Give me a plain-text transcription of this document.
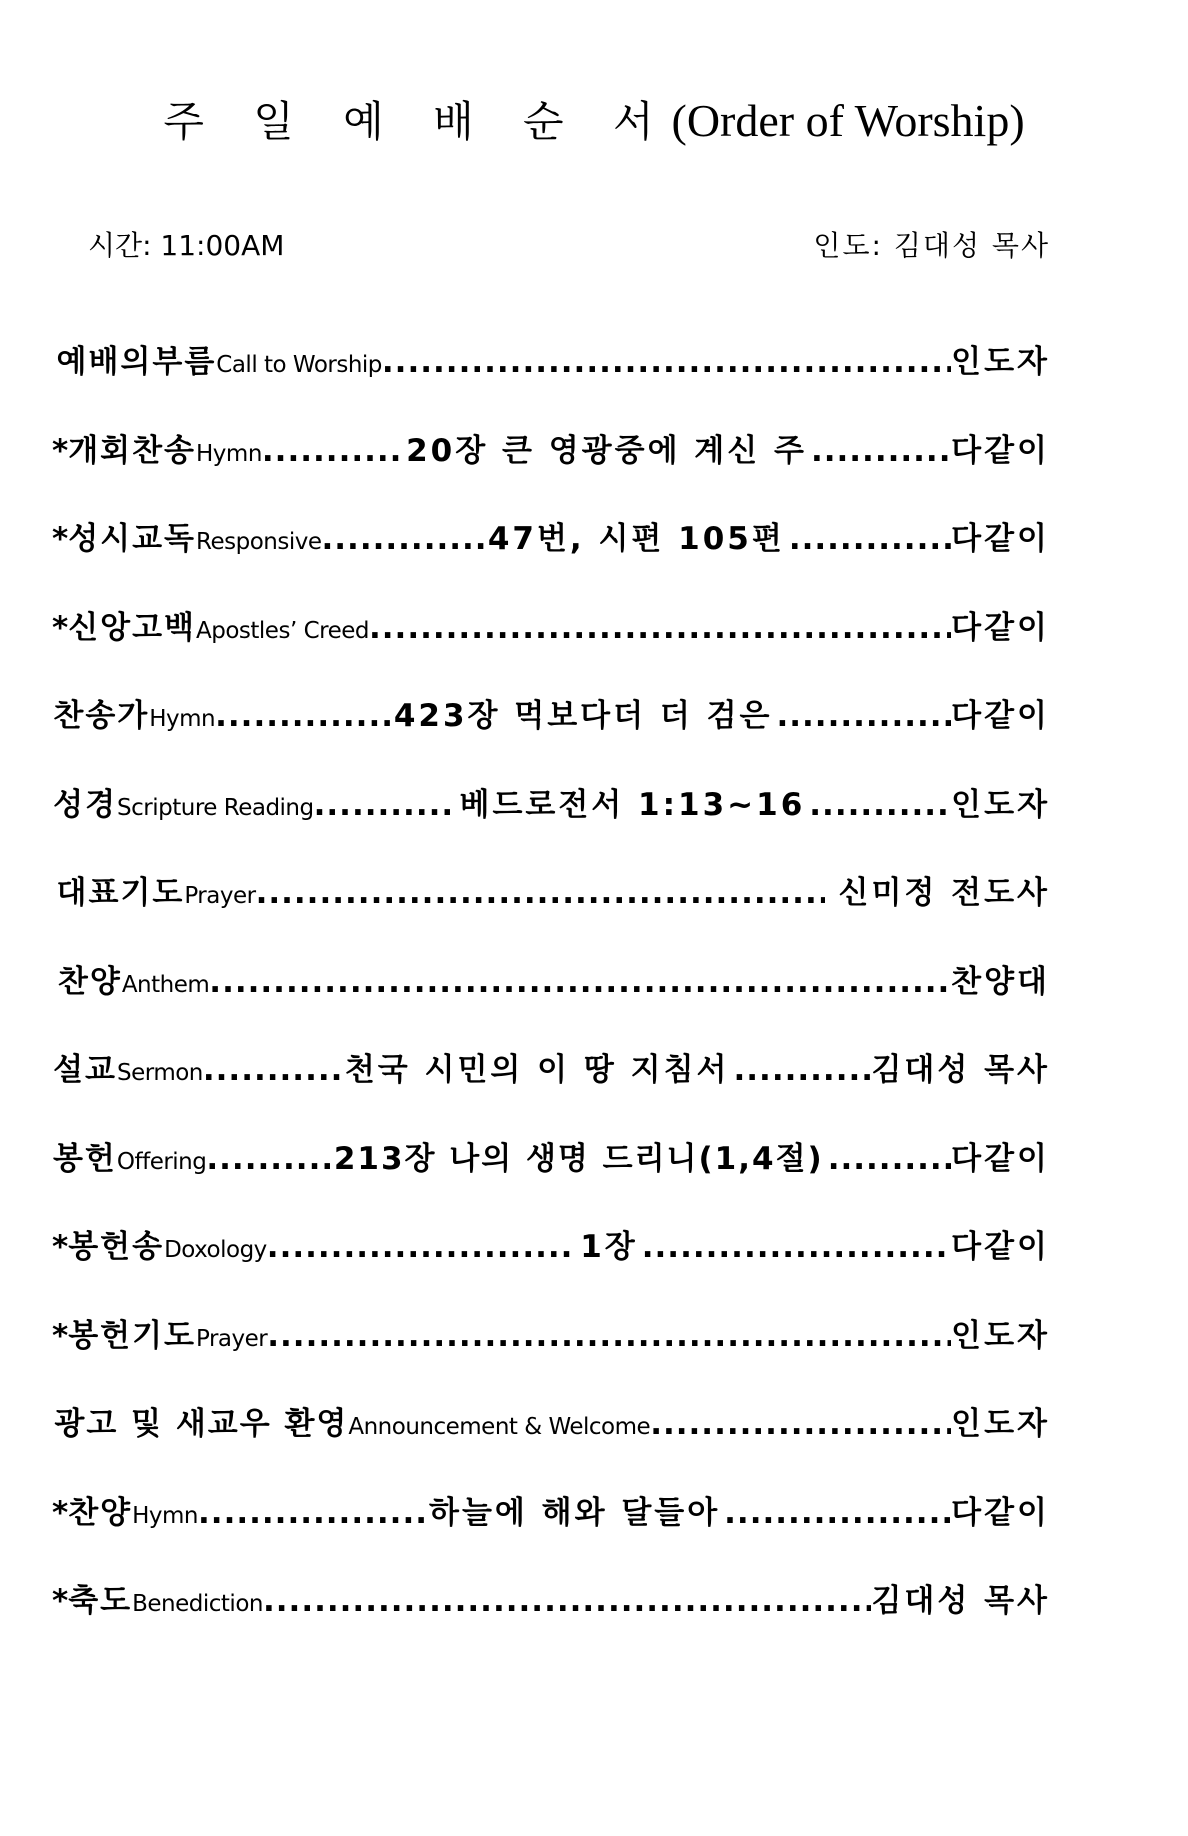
주 일 예 배 순 서(Order of Worship)
시간: 11:00AM	인도: 김대성 목사
예배의부름 Call to Worship .....	인도자
* 개회찬송 Hymn .....	20장 큰 영광중에 계신 주 .....	다같이
* 성시교독 Responsive .....	47번, 시편 105편 .....	다같이
* 신앙고백 Apostles’ Creed .....	다같이
찬송가 Hymn .....	423장 먹보다더 더 검은 .....	다같이
성경 Scripture Reading .....	베드로전서 1:13~16 .....	인도자
대표기도 Prayer .....	신미정 전도사
찬양 Anthem .....	찬양대
설교 Sermon .....	천국 시민의 이 땅 지침서 .....	김대성 목사
봉헌 Offering .....	213장 나의 생명 드리니(1,4절) .....	다같이
* 봉헌송 Doxology .....	1장 .....	다같이
* 봉헌기도 Prayer .....	인도자
광고 및 새교우 환영 Announcement & Welcome .....	인도자
* 찬양 Hymn .....	하늘에 해와 달들아 .....	다같이
* 축도 Benediction .....	김대성 목사
